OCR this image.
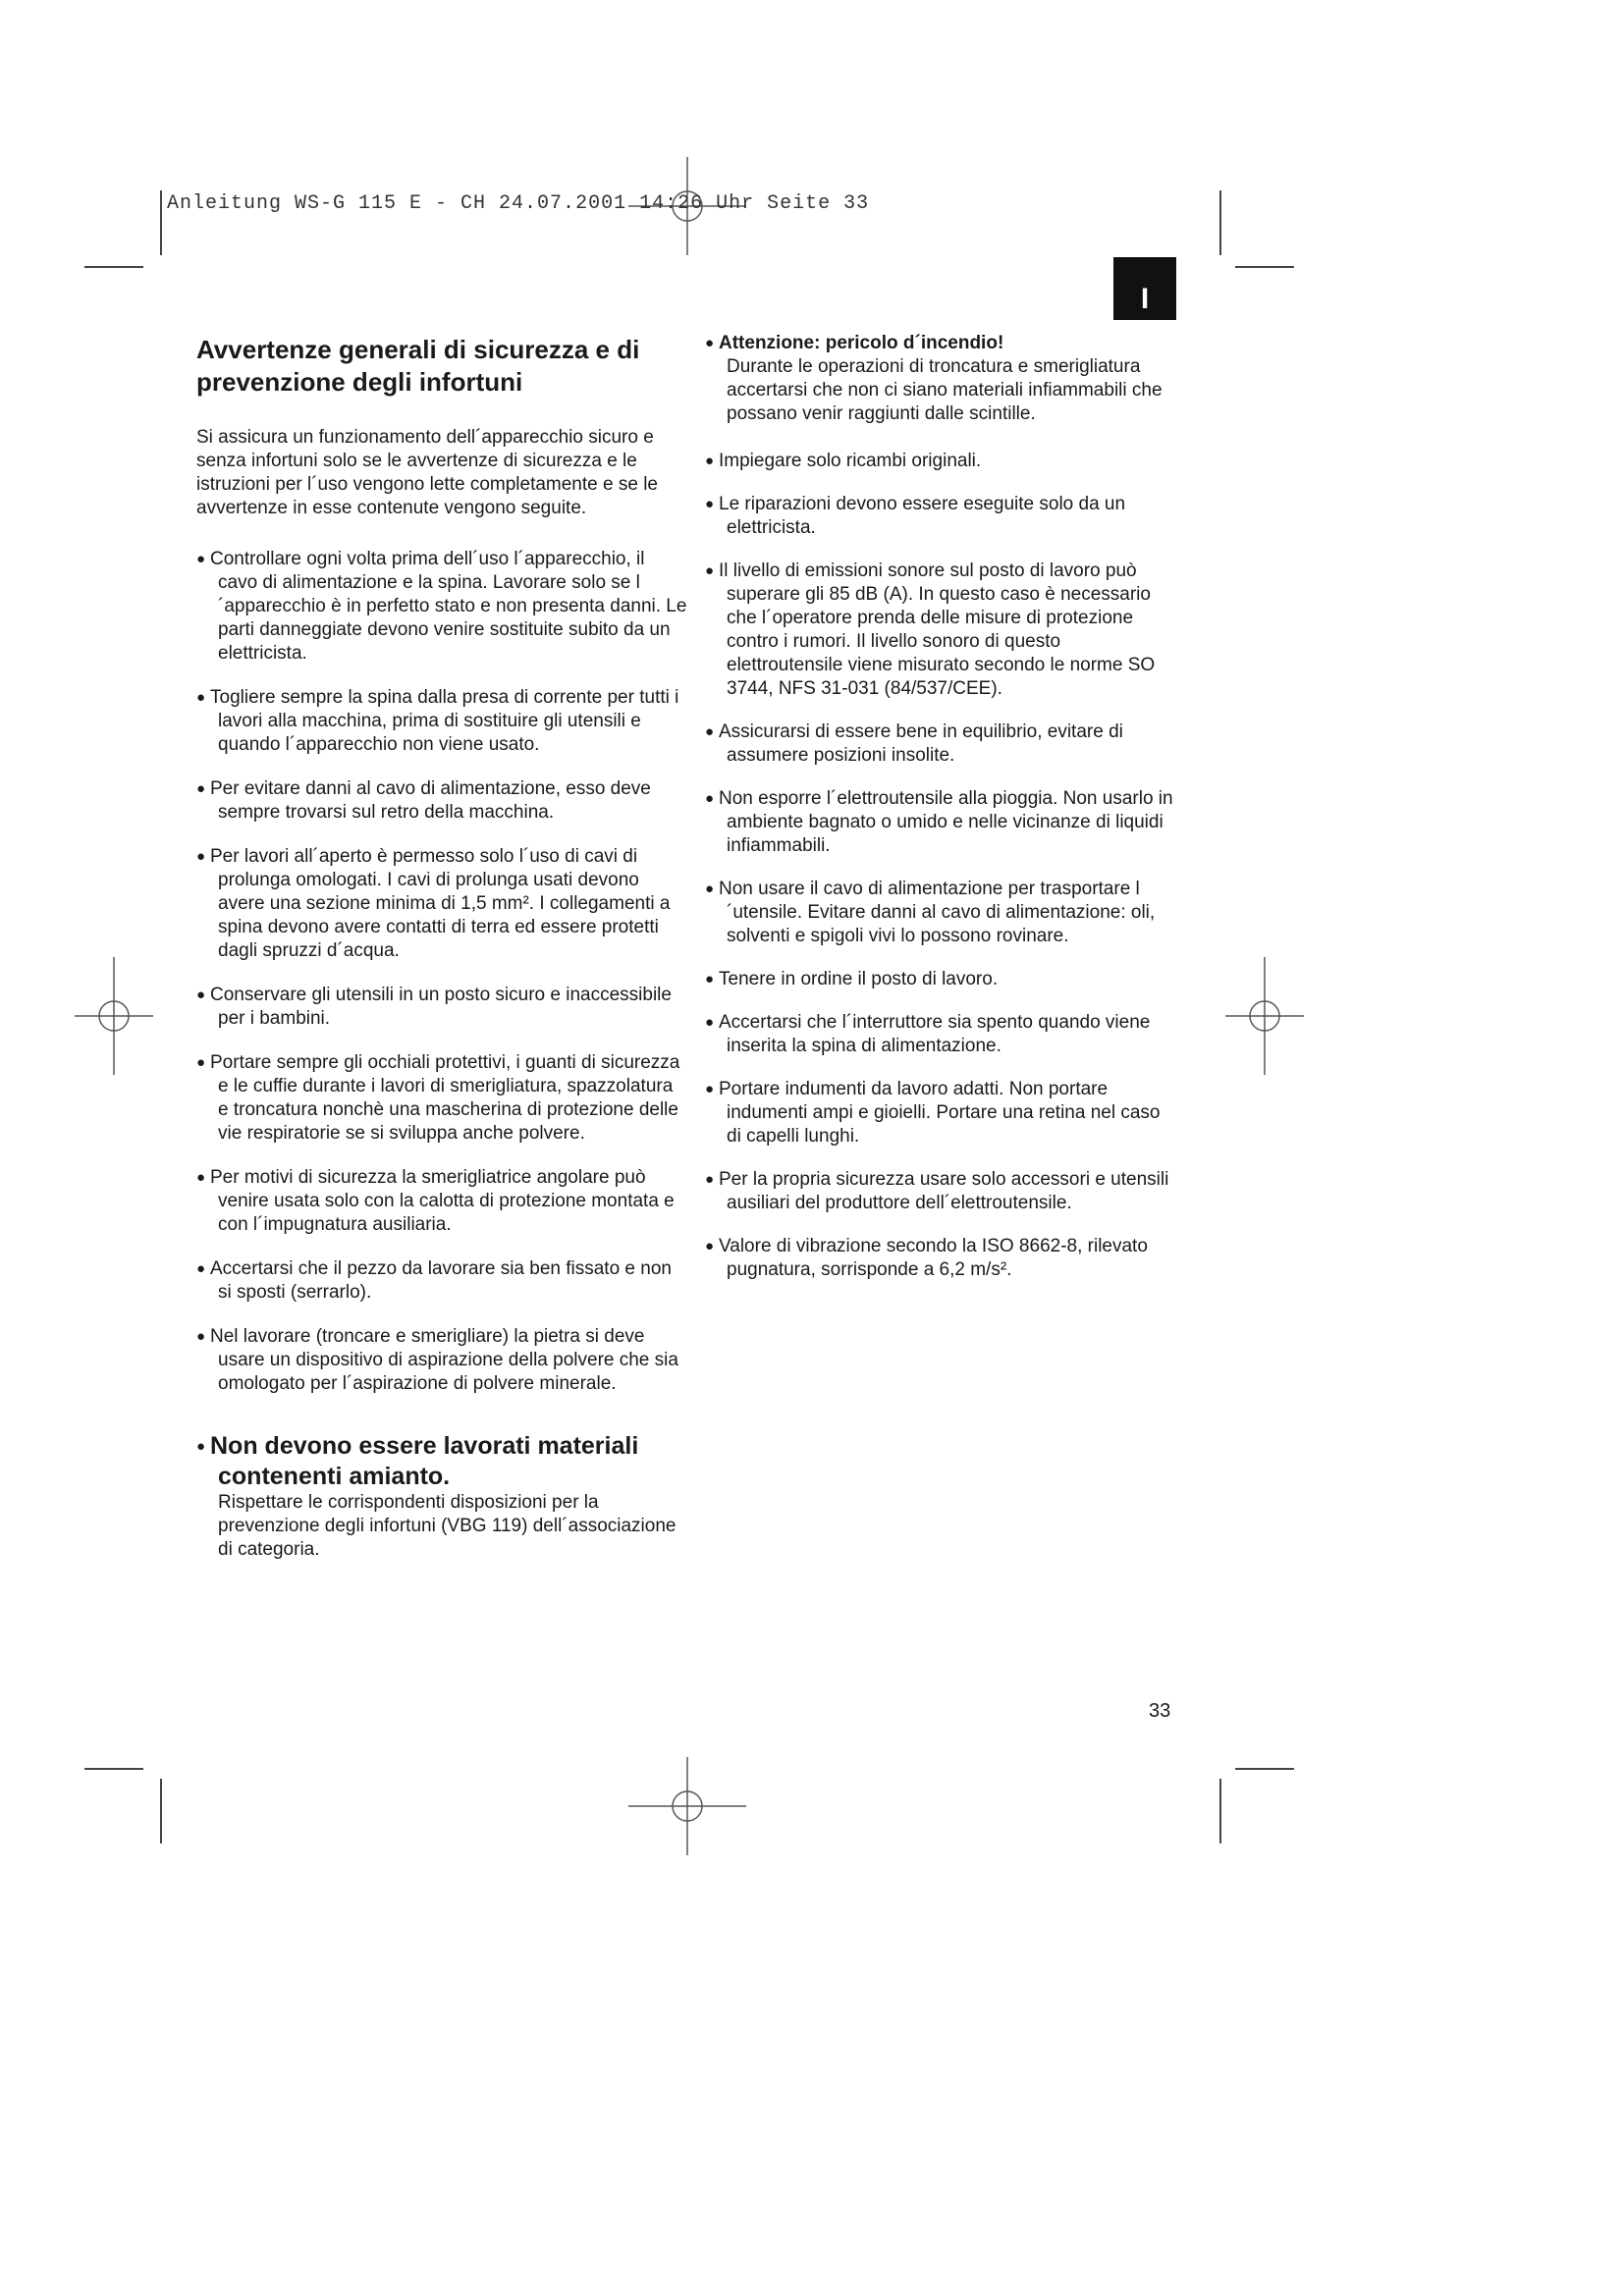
Anleitung WS-G 115 E - CH 24.07.2001 14:26 Uhr Seite 33
I
Avvertenze generali di sicurezza e di prevenzione degli infortuni

Si assicura un funzionamento dell´apparecchio sicuro e senza infortuni solo se le avvertenze di sicurezza e le istruzioni per l´uso vengono lette completamente e se le avvertenze in esse contenute vengono seguite.

● Controllare ogni volta prima dell´uso l´apparecchio, il cavo di alimentazione e la spina. Lavorare solo se l´apparecchio è in perfetto stato e non presenta danni. Le parti danneggiate devono venire sostituite subito da un elettricista.
● Togliere sempre la spina dalla presa di corrente per tutti i lavori alla macchina, prima di sostituire gli utensili e quando l´apparecchio non viene usato.
● Per evitare danni al cavo di alimentazione, esso deve sempre trovarsi sul retro della macchina.
● Per lavori all´aperto è permesso solo l´uso di cavi di prolunga omologati. I cavi di prolunga usati devono avere una sezione minima di 1,5 mm². I collegamenti a spina devono avere contatti di terra ed essere protetti dagli spruzzi d´acqua.
● Conservare gli utensili in un posto sicuro e inaccessibile per i bambini.
● Portare sempre gli occhiali protettivi, i guanti di sicurezza e le cuffie durante i lavori di smerigliatura, spazzolatura e troncatura nonchè una mascherina di protezione delle vie respiratorie se si sviluppa anche polvere.
● Per motivi di sicurezza la smerigliatrice angolare può venire usata solo con la calotta di protezione montata e con l´impugnatura ausiliaria.
● Accertarsi che il pezzo da lavorare sia ben fissato e non si sposti (serrarlo).
● Nel lavorare (troncare e smerigliare) la pietra si deve usare un dispositivo di aspirazione della polvere che sia omologato per l´aspirazione di polvere minerale.
● Non devono essere lavorati materiali contenenti amianto.
Rispettare le corrispondenti disposizioni per la prevenzione degli infortuni (VBG 119) dell´associazione di categoria.
● Attenzione: pericolo d´incendio!
Durante le operazioni di troncatura e smerigliatura accertarsi che non ci siano materiali infiammabili che possano venir raggiunti dalle scintille.
● Impiegare solo ricambi originali.
● Le riparazioni devono essere eseguite solo da un elettricista.
● Il livello di emissioni sonore sul posto di lavoro può superare gli 85 dB (A). In questo caso è necessario che l´operatore prenda delle misure di protezione contro i rumori. Il livello sonoro di questo elettroutensile viene misurato secondo le norme SO 3744, NFS 31-031 (84/537/CEE).
● Assicurarsi di essere bene in equilibrio, evitare di assumere posizioni insolite.
● Non esporre l´elettroutensile alla pioggia. Non usarlo in ambiente bagnato o umido e nelle vicinanze di liquidi infiammabili.
● Non usare il cavo di alimentazione per trasportare l´utensile. Evitare danni al cavo di alimentazione: oli, solventi e spigoli vivi lo possono rovinare.
● Tenere in ordine il posto di lavoro.
● Accertarsi che l´interruttore sia spento quando viene inserita la spina di alimentazione.
● Portare indumenti da lavoro adatti. Non portare indumenti ampi e gioielli. Portare una retina nel caso di capelli lunghi.
● Per la propria sicurezza usare solo accessori e utensili ausiliari del produttore dell´elettroutensile.
● Valore di vibrazione secondo la ISO 8662-8, rilevato pugnatura, sorrisponde a 6,2 m/s².
33
